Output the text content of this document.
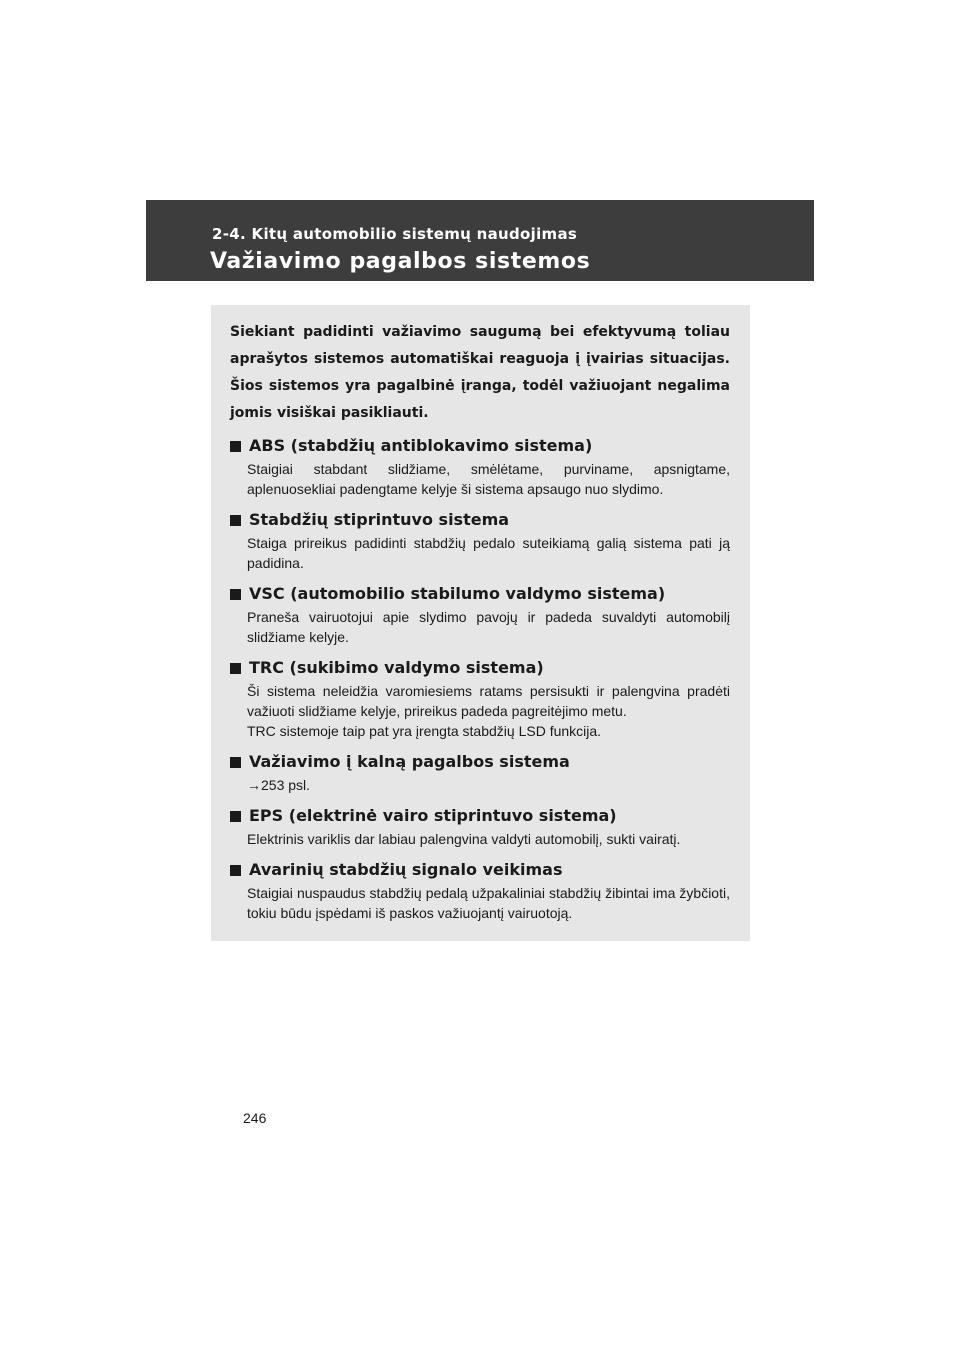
2-4. Kitų automobilio sistemų naudojimas
Važiavimo pagalbos sistemos

Siekiant padidinti važiavimo saugumą bei efektyvumą toliau aprašytos sistemos automatiškai reaguoja į įvairias situacijas. Šios sistemos yra pagalbinė įranga, todėl važiuojant negalima jomis visiškai pasikliauti.

ABS (stabdžių antiblokavimo sistema)

Staigiai stabdant slidžiame, smėlėtame, purviname, apsnigtame, aplenuosekliai padengtame kelyje ši sistema apsaugo nuo slydimo.

Stabdžių stiprintuvo sistema

Staiga prireikus padidinti stabdžių pedalo suteikiamą galią sistema pati ją padidina.

VSC (automobilio stabilumo valdymo sistema)

Praneša vairuotojui apie slydimo pavojų ir padeda suvaldyti automobilį slidžiame kelyje.

TRC (sukibimo valdymo sistema)

Ši sistema neleidžia varomiesiems ratams persisukti ir palengvina pradėti važiuoti slidžiame kelyje, prireikus padeda pagreitėjimo metu.

TRC sistemoje taip pat yra įrengta stabdžių LSD funkcija.

Važiavimo į kalną pagalbos sistema

→253 psl.

EPS (elektrinė vairo stiprintuvo sistema)

Elektrinis variklis dar labiau palengvina valdyti automobilį, sukti vairatį.

Avarinių stabdžių signalo veikimas

Staigiai nuspaudus stabdžių pedalą užpakaliniai stabdžių žibintai ima žybčioti, tokiu būdu įspėdami iš paskos važiuojantį vairuotoją.

246
